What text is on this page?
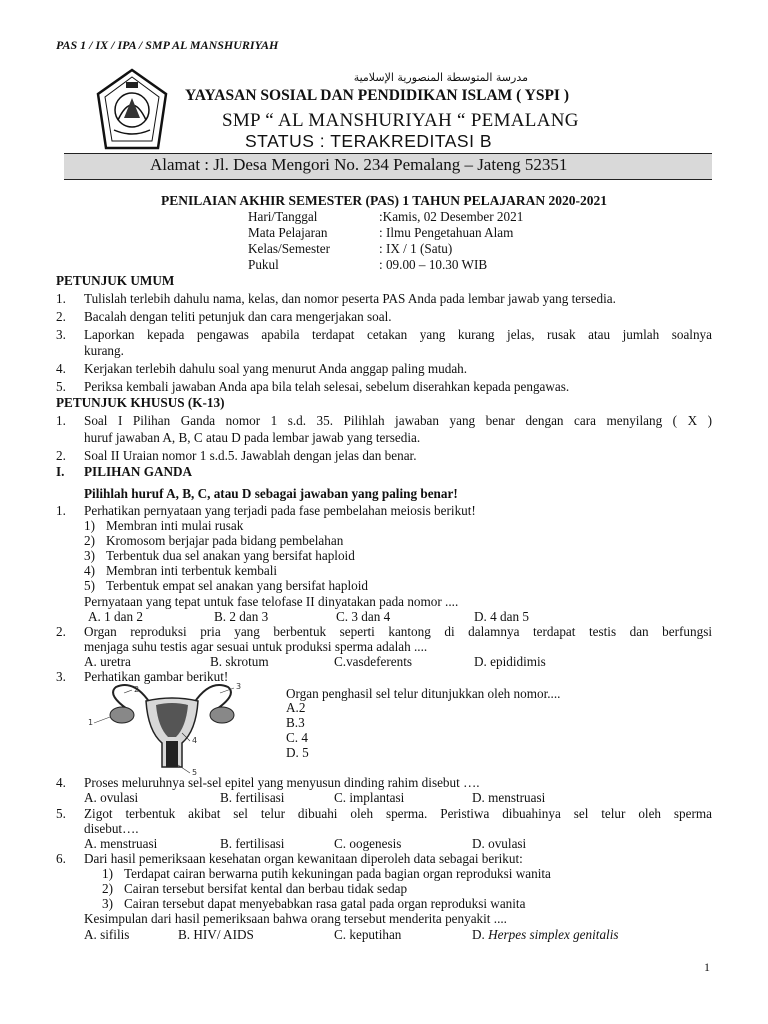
PAS 1 / IX / IPA / SMP AL MANSHURIYAH
مدرسة المتوسطة المنصورية الإسلامية
YAYASAN SOSIAL DAN PENDIDIKAN ISLAM ( YSPI )
SMP “ AL MANSHURIYAH “ PEMALANG
STATUS : TERAKREDITASI B
Alamat : Jl. Desa Mengori No. 234 Pemalang – Jateng 52351
PENILAIAN AKHIR SEMESTER (PAS) 1 TAHUN PELAJARAN 2020-2021
Hari/Tanggal	:Kamis, 02 Desember 2021
Mata Pelajaran	: Ilmu Pengetahuan Alam
Kelas/Semester	: IX / 1 (Satu)
Pukul	: 09.00 – 10.30 WIB
PETUNJUK UMUM
1. Tulislah terlebih dahulu nama, kelas, dan nomor peserta PAS Anda pada lembar jawab yang tersedia.
2. Bacalah dengan teliti petunjuk dan cara mengerjakan soal.
3. Laporkan kepada pengawas apabila terdapat cetakan yang kurang jelas, rusak atau jumlah soalnya
kurang.
4. Kerjakan terlebih dahulu soal yang menurut Anda anggap paling mudah.
5. Periksa kembali jawaban Anda apa bila telah selesai, sebelum diserahkan kepada pengawas.
PETUNJUK KHUSUS (K-13)
1. Soal I Pilihan Ganda nomor 1 s.d. 35. Pilihlah jawaban yang benar dengan cara menyilang ( X )
huruf jawaban A, B, C atau D pada lembar jawab yang tersedia.
2. Soal II Uraian nomor 1 s.d.5. Jawablah dengan jelas dan benar.
I. PILIHAN GANDA
Pilihlah huruf A, B, C, atau D sebagai jawaban yang paling benar!
1. Perhatikan pernyataan yang terjadi pada fase pembelahan meiosis berikut!
1) Membran inti mulai rusak
2) Kromosom berjajar pada bidang pembelahan
3) Terbentuk dua sel anakan yang bersifat haploid
4) Membran inti terbentuk kembali
5) Terbentuk empat sel anakan yang bersifat haploid
Pernyataan yang tepat untuk fase telofase II dinyatakan pada nomor ....
A. 1 dan 2	B. 2 dan 3	C. 3 dan 4	D. 4 dan 5
2. Organ reproduksi pria yang berbentuk seperti kantong di dalamnya terdapat testis dan berfungsi
menjaga suhu testis agar sesuai untuk produksi sperma adalah ....
A. uretra	B. skrotum	C.vasdeferents	D. epididimis
3. Perhatikan gambar berikut!
1
2	3
4
5
Organ penghasil sel telur ditunjukkan oleh nomor....
A.2
B.3
C. 4
D. 5
4. Proses meluruhnya sel-sel epitel yang menyusun dinding rahim disebut ….
A. ovulasi	B. fertilisasi	C. implantasi	D. menstruasi
5. Zigot terbentuk akibat sel telur dibuahi oleh sperma. Peristiwa dibuahinya sel telur oleh sperma
disebut….
A. menstruasi	B. fertilisasi	C. oogenesis	D. ovulasi
6. Dari hasil pemeriksaan kesehatan organ kewanitaan diperoleh data sebagai berikut:
1) Terdapat cairan berwarna putih kekuningan pada bagian organ reproduksi wanita
2) Cairan tersebut bersifat kental dan berbau tidak sedap
3) Cairan tersebut dapat menyebabkan rasa gatal pada organ reproduksi wanita
Kesimpulan dari hasil pemeriksaan bahwa orang tersebut menderita penyakit ....
A. sifilis	B. HIV/ AIDS	C. keputihan	D. Herpes simplex genitalis
1
